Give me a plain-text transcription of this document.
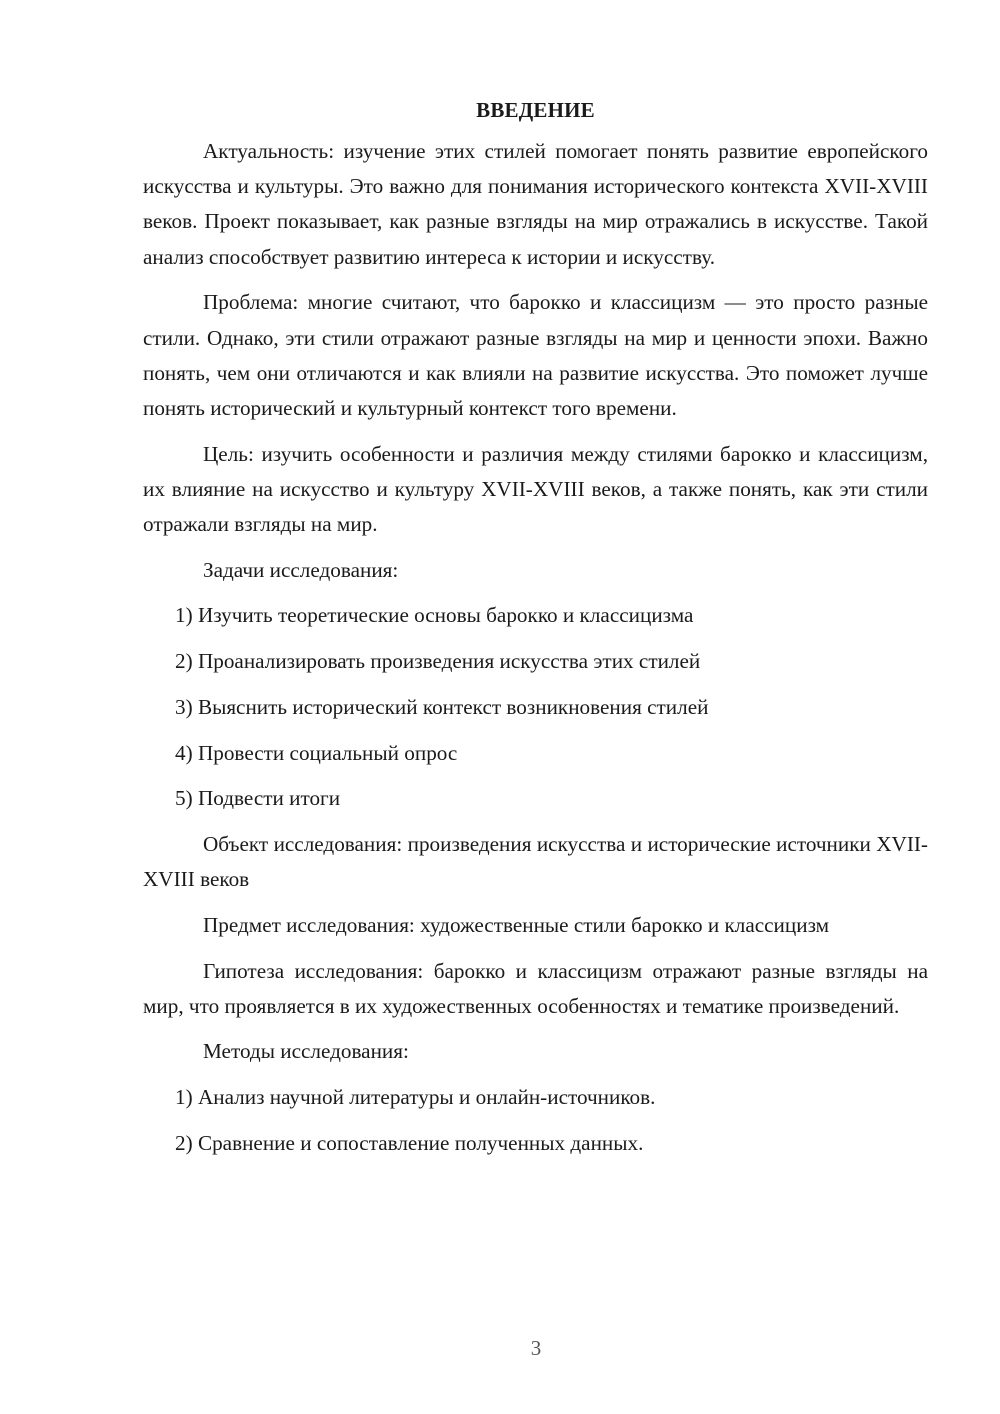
ВВЕДЕНИЕ

Актуальность: изучение этих стилей помогает понять развитие европейского искусства и культуры. Это важно для понимания исторического контекста XVII-XVIII веков. Проект показывает, как разные взгляды на мир отражались в искусстве. Такой анализ способствует развитию интереса к истории и искусству.

Проблема: многие считают, что барокко и классицизм — это просто разные стили. Однако, эти стили отражают разные взгляды на мир и ценности эпохи. Важно понять, чем они отличаются и как влияли на развитие искусства. Это поможет лучше понять исторический и культурный контекст того времени.

Цель: изучить особенности и различия между стилями барокко и классицизм, их влияние на искусство и культуру XVII-XVIII веков, а также понять, как эти стили отражали взгляды на мир.

Задачи исследования:
1) Изучить теоретические основы барокко и классицизма
2) Проанализировать произведения искусства этих стилей
3) Выяснить исторический контекст возникновения стилей
4) Провести социальный опрос
5) Подвести итоги

Объект исследования: произведения искусства и исторические источники XVII-XVIII веков

Предмет исследования: художественные стили барокко и классицизм

Гипотеза исследования: барокко и классицизм отражают разные взгляды на мир, что проявляется в их художественных особенностях и тематике произведений.

Методы исследования:
1) Анализ научной литературы и онлайн-источников.
2) Сравнение и сопоставление полученных данных.
3
